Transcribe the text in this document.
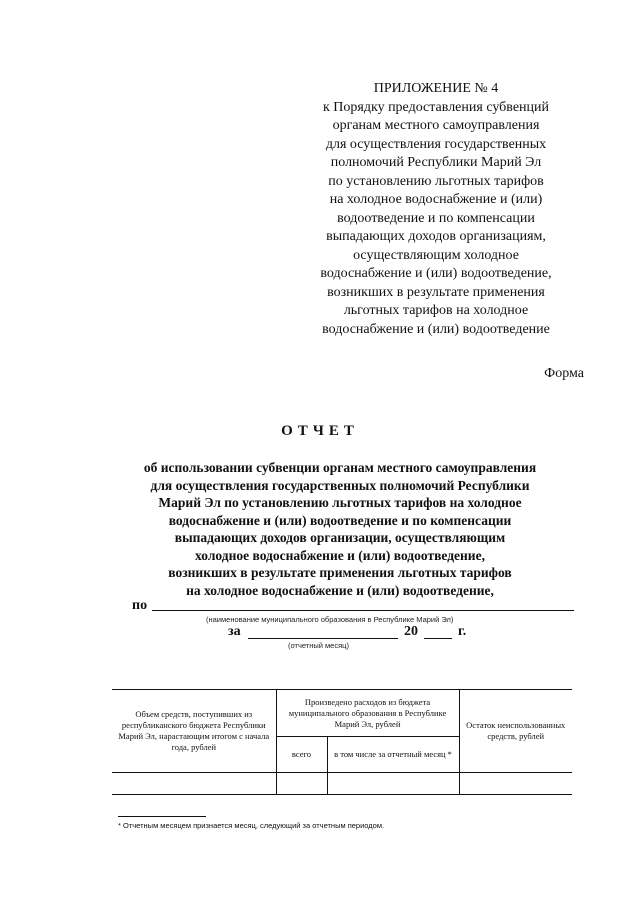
ПРИЛОЖЕНИЕ № 4
к Порядку предоставления субвенций
органам местного самоуправления
для осуществления государственных
полномочий Республики Марий Эл
по установлению льготных тарифов
на холодное водоснабжение и (или)
водоотведение и по компенсации
выпадающих доходов организациям,
осуществляющим холодное
водоснабжение и (или) водоотведение,
возникших в результате применения
льготных тарифов на холодное
водоснабжение и (или) водоотведение
Форма
ОТЧЕТ
об использовании субвенции органам местного самоуправления
для осуществления государственных полномочий Республики
Марий Эл по установлению льготных тарифов на холодное
водоснабжение и (или) водоотведение и по компенсации
выпадающих доходов организации, осуществляющим
холодное водоснабжение и (или) водоотведение,
возникших в результате применения льготных тарифов
на холодное водоснабжение и (или) водоотведение,
по
(наименование муниципального образования в Республике Марий Эл)
за	20	г.
(отчетный месяц)
Объем средств, поступивших из республиканского бюджета Республики Марий Эл, нарастающим итогом с начала года, рублей	Произведено расходов из бюджета муниципального образования в Республике Марий Эл, рублей		Остаток неиспользованных средств, рублей
	всего	в том числе за отчетный месяц *	

* Отчетным месяцем признается месяц, следующий за отчетным периодом.
